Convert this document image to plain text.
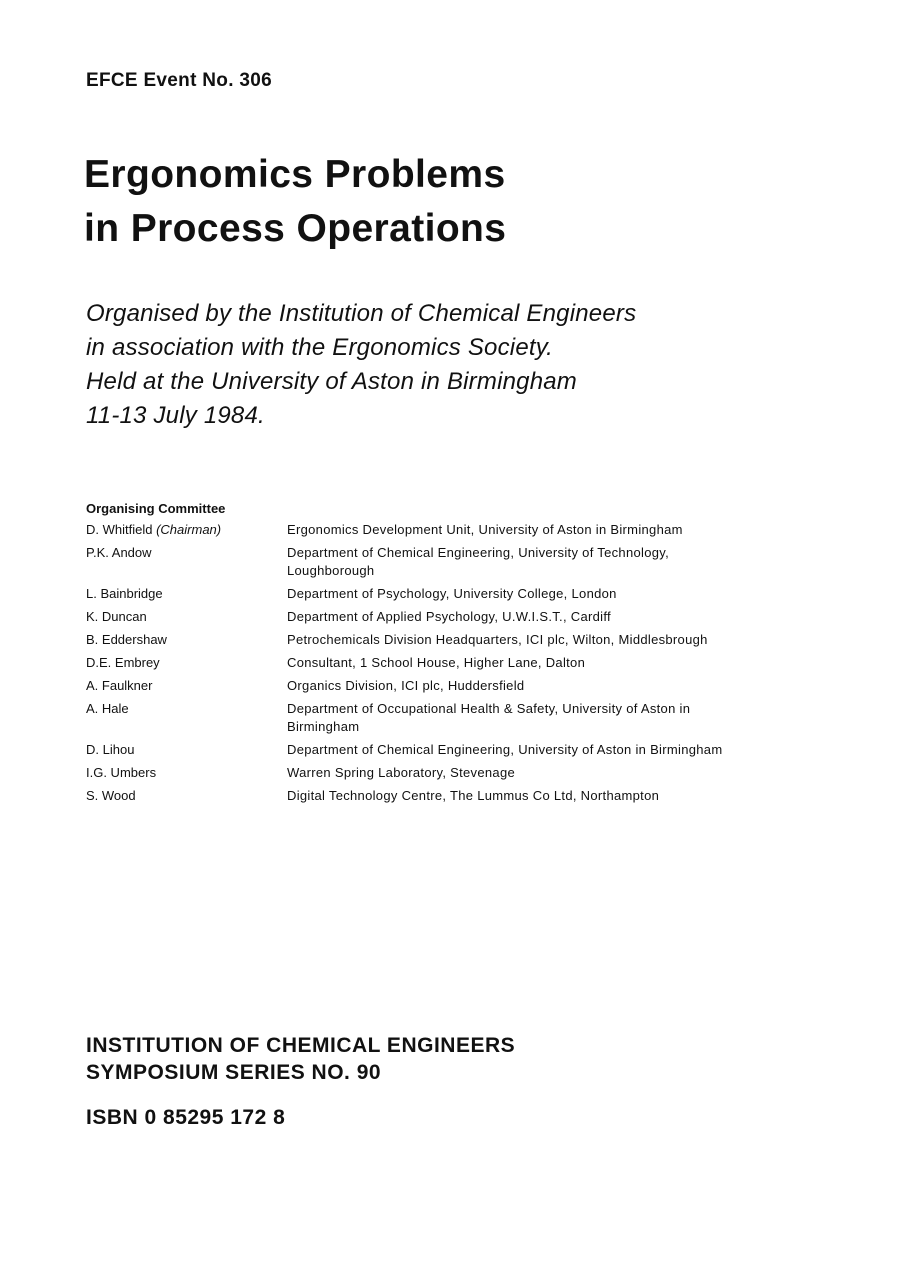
EFCE Event No. 306
Ergonomics Problems
in Process Operations
Organised by the Institution of Chemical Engineers
in association with the Ergonomics Society.
Held at the University of Aston in Birmingham
11-13 July 1984.
Organising Committee
D. Whitfield (Chairman)	Ergonomics Development Unit, University of Aston in Birmingham
P.K. Andow	Department of Chemical Engineering, University of Technology, Loughborough
L. Bainbridge	Department of Psychology, University College, London
K. Duncan	Department of Applied Psychology, U.W.I.S.T., Cardiff
B. Eddershaw	Petrochemicals Division Headquarters, ICI plc, Wilton, Middlesbrough
D.E. Embrey	Consultant, 1 School House, Higher Lane, Dalton
A. Faulkner	Organics Division, ICI plc, Huddersfield
A. Hale	Department of Occupational Health & Safety, University of Aston in Birmingham
D. Lihou	Department of Chemical Engineering, University of Aston in Birmingham
I.G. Umbers	Warren Spring Laboratory, Stevenage
S. Wood	Digital Technology Centre, The Lummus Co Ltd, Northampton
INSTITUTION OF CHEMICAL ENGINEERS
SYMPOSIUM SERIES NO. 90
ISBN 0 85295 172 8
